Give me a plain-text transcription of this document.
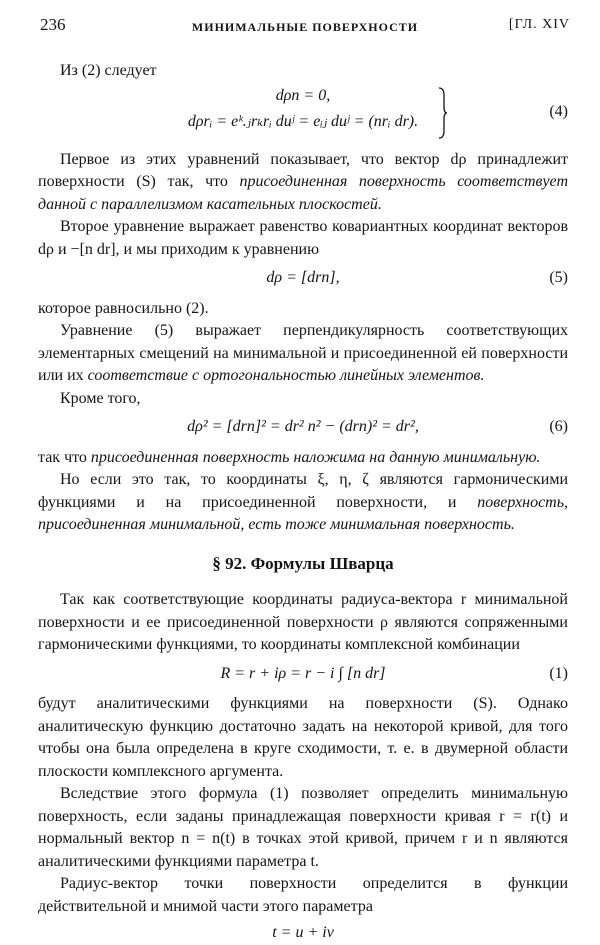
236	МИНИМАЛЬНЫЕ ПОВЕРХНОСТИ	[ГЛ. XIV

Из (2) следует

dρn = 0,
dρrᵢ = eᵏ.ⱼrₖrᵢ duʲ = eᵢⱼ duʲ = (nrᵢ dr).
(4)

Первое из этих уравнений показывает, что вектор dρ принадлежит поверхности (S) так, что присоединенная поверхность соответствует данной с параллелизмом касательных плоскостей.

Второе уравнение выражает равенство ковариантных координат векторов dρ и −[n dr], и мы приходим к уравнению

dρ = [drn],	(5)

которое равносильно (2).

Уравнение (5) выражает перпендикулярность соответствующих элементарных смещений на минимальной и присоединенной ей поверхности или их соответствие с ортогональностью линейных элементов.

Кроме того,

dρ² = [drn]² = dr² n² − (drn)² = dr²,	(6)

так что присоединенная поверхность наложима на данную минимальную.

Но если это так, то координаты ξ, η, ζ являются гармоническими функциями и на присоединенной поверхности, и поверхность, присоединенная минимальной, есть тоже минимальная поверхность.

§ 92. Формулы Шварца

Так как соответствующие координаты радиуса-вектора r минимальной поверхности и ее присоединенной поверхности ρ являются сопряженными гармоническими функциями, то координаты комплексной комбинации

R = r + iρ = r − i ∫ [n dr]	(1)

будут аналитическими функциями на поверхности (S). Однако аналитическую функцию достаточно задать на некоторой кривой, для того чтобы она была определена в круге сходимости, т. е. в двумерной области плоскости комплексного аргумента.

Вследствие этого формула (1) позволяет определить минимальную поверхность, если заданы принадлежащая поверхности кривая r = r(t) и нормальный вектор n = n(t) в точках этой кривой, причем r и n являются аналитическими функциями параметра t.

Радиус-вектор точки поверхности определится в функции действительной и мнимой части этого параметра

t = u + iv
